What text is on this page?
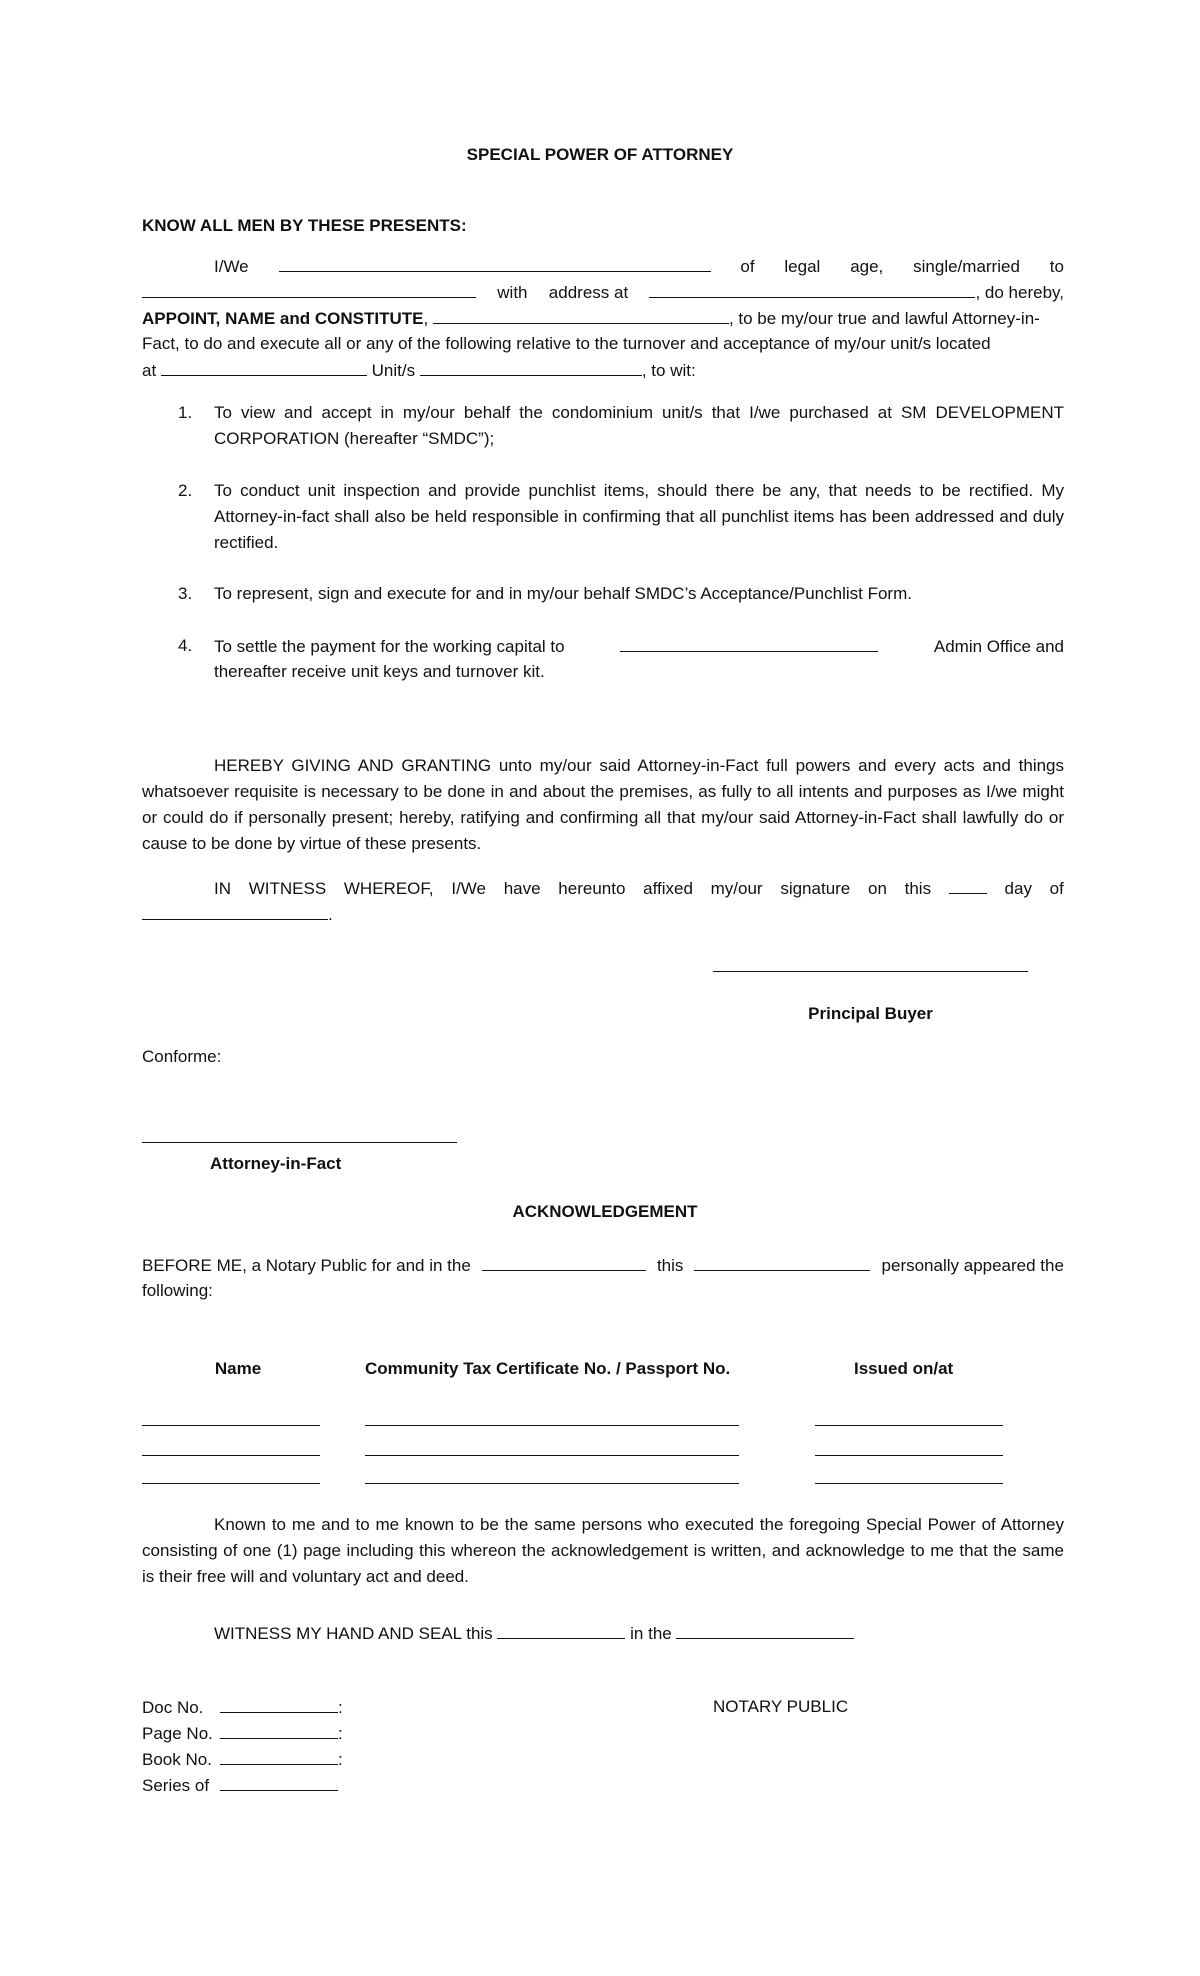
SPECIAL POWER OF ATTORNEY
KNOW ALL MEN BY THESE PRESENTS:
I/We	of legal age, single/married to
with address at	, do hereby,
APPOINT, NAME and CONSTITUTE,	, to be my/our true and lawful Attorney-in-
Fact, to do and execute all or any of the following relative to the turnover and acceptance of my/our unit/s located
at	Unit/s	, to wit:
1.	To view and accept in my/our behalf the condominium unit/s that I/we purchased at SM DEVELOPMENT CORPORATION (hereafter “SMDC”);
2.	To conduct unit inspection and provide punchlist items, should there be any, that needs to be rectified. My Attorney-in-fact shall also be held responsible in confirming that all punchlist items has been addressed and duly rectified.
3.	To represent, sign and execute for and in my/our behalf SMDC’s Acceptance/Punchlist Form.
4.	To settle the payment for the working capital to	Admin Office and
thereafter receive unit keys and turnover kit.
HEREBY GIVING AND GRANTING unto my/our said Attorney-in-Fact full powers and every acts and things whatsoever requisite is necessary to be done in and about the premises, as fully to all intents and purposes as I/we might or could do if personally present; hereby, ratifying and confirming all that my/our said Attorney-in-Fact shall lawfully do or cause to be done by virtue of these presents.
IN WITNESS WHEREOF, I/We have hereunto affixed my/our signature on this	day of
.
Principal Buyer
Conforme:
Attorney-in-Fact
ACKNOWLEDGEMENT
BEFORE ME, a Notary Public for and in the	this	personally appeared the
following:
Name	Community Tax Certificate No. / Passport No.	Issued on/at
Known to me and to me known to be the same persons who executed the foregoing Special Power of Attorney consisting of one (1) page including this whereon the acknowledgement is written, and acknowledge to me that the same is their free will and voluntary act and deed.
WITNESS MY HAND AND SEAL this	in the
NOTARY PUBLIC
Doc No.	:
Page No.	:
Book No.	:
Series of
